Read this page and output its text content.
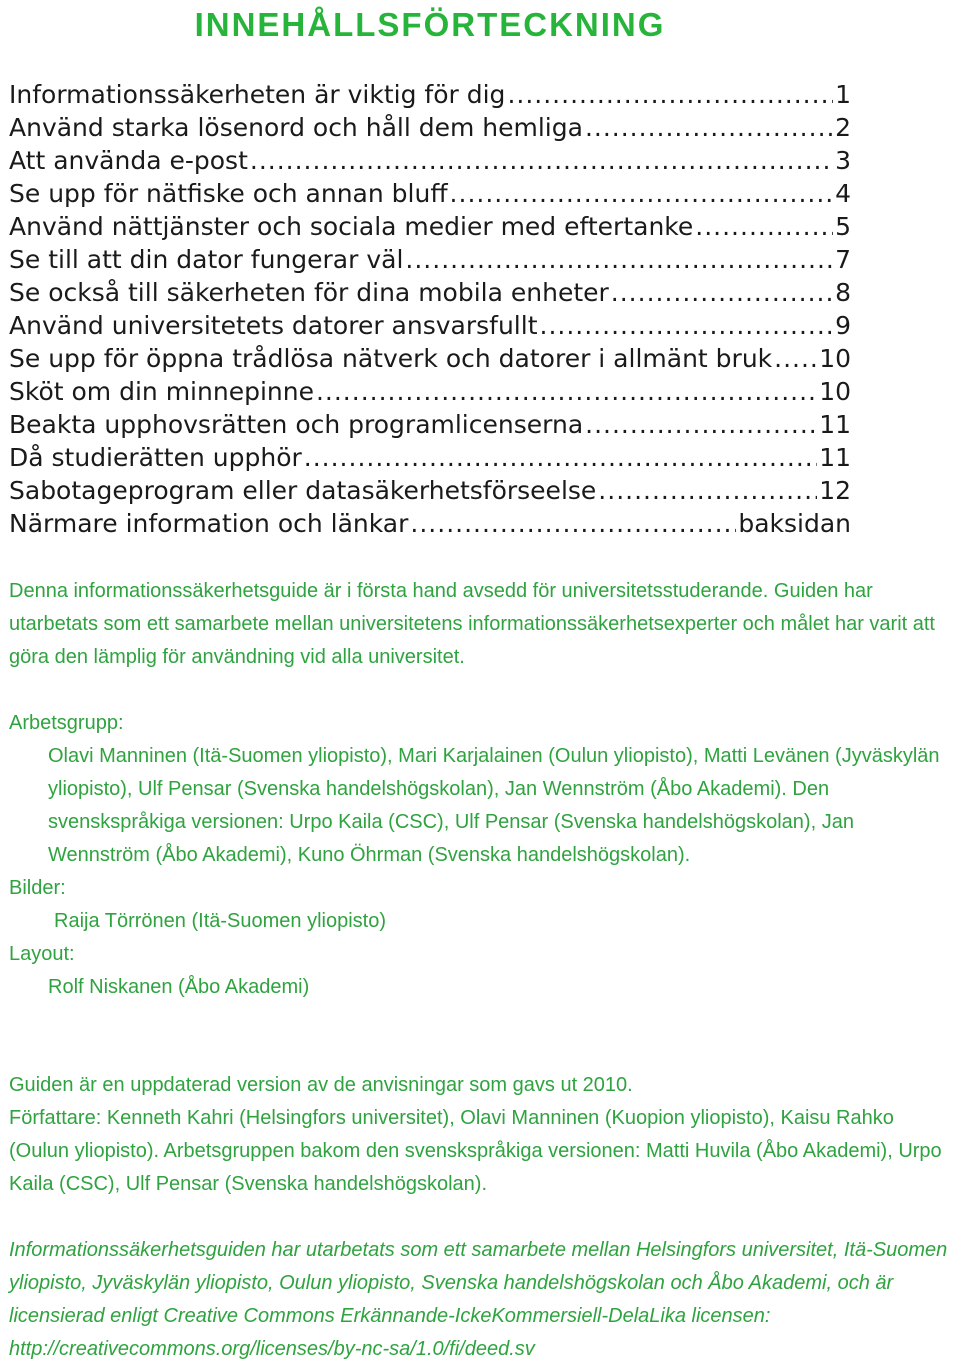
INNEHÅLLSFÖRTECKNING
Informationssäkerheten är viktig för dig .....	1
Använd starka lösenord och håll dem hemliga .....	2
Att använda e-post .....	3
Se upp för nätfiske och annan bluff .....	4
Använd nättjänster och sociala medier med eftertanke .....	5
Se till att din dator fungerar väl .....	7
Se också till säkerheten för dina mobila enheter .....	8
Använd universitetets datorer ansvarsfullt .....	9
Se upp för öppna trådlösa nätverk och datorer i allmänt bruk ..... 10
Sköt om din minnepinne .....	10
Beakta upphovsrätten och programlicenserna .....	11
Då studierätten upphör .....	11
Sabotageprogram eller datasäkerhetsförseelse .....	12
Närmare information och länkar .....	baksidan

Denna informationssäkerhetsguide är i första hand avsedd för universitetsstuderande. Guiden har utarbetats som ett samarbete mellan universitetens informationssäkerhetsexperter och målet har varit att göra den lämplig för användning vid alla universitet.

Arbetsgrupp:
Olavi Manninen (Itä-Suomen yliopisto), Mari Karjalainen (Oulun yliopisto), Matti Levänen (Jyväskylän yliopisto), Ulf Pensar (Svenska handelshögskolan), Jan Wennström (Åbo Akademi). Den svenskspråkiga versionen: Urpo Kaila (CSC), Ulf Pensar (Svenska handelshögskolan), Jan Wennström (Åbo Akademi), Kuno Öhrman (Svenska handelshögskolan).
Bilder:
Raija Törrönen (Itä-Suomen yliopisto)
Layout:
Rolf Niskanen (Åbo Akademi)
Guiden är en uppdaterad version av de anvisningar som gavs ut 2010.
Författare: Kenneth Kahri (Helsingfors universitet), Olavi Manninen (Kuopion yliopisto), Kaisu Rahko (Oulun yliopisto). Arbetsgruppen bakom den svenskspråkiga versionen: Matti Huvila (Åbo Akademi), Urpo Kaila (CSC), Ulf Pensar (Svenska handelshögskolan).

Informationssäkerhetsguiden har utarbetats som ett samarbete mellan Helsingfors universitet, Itä-Suomen yliopisto, Jyväskylän yliopisto, Oulun yliopisto, Svenska handelshögskolan och Åbo Akademi, och är licensierad enligt Creative Commons Erkännande-IckeKommersiell-DelaLika licensen: http://creativecommons.org/licenses/by-nc-sa/1.0/fi/deed.sv
